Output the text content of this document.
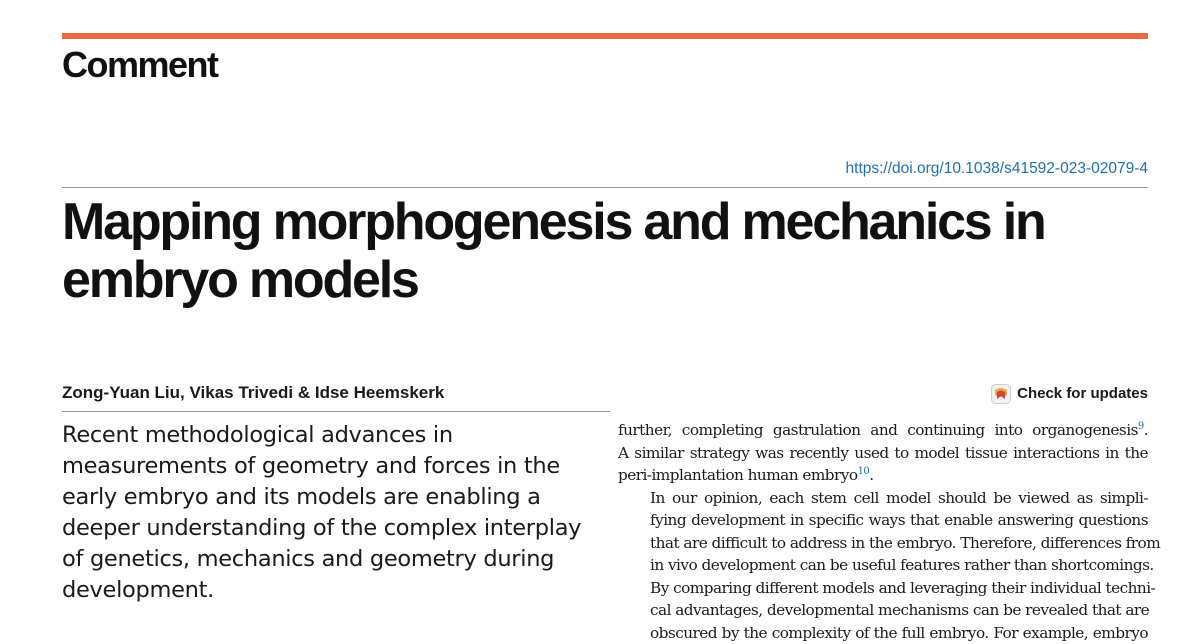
Comment
https://doi.org/10.1038/s41592-023-02079-4
Mapping morphogenesis and mechanics in embryo models
Zong-Yuan Liu, Vikas Trivedi & Idse Heemskerk	Check for updates

Recent methodological advances in measurements of geometry and forces in the early embryo and its models are enabling a deeper understanding of the complex interplay of genetics, mechanics and geometry during development.

further, completing gastrulation and continuing into organogenesis$^9$.
A similar strategy was recently used to model tissue interactions in the
peri-implantation human embryo$^{10}$.

In our opinion, each stem cell model should be viewed as simpli-
fying development in specific ways that enable answering questions
that are difficult to address in the embryo. Therefore, differences from
in vivo development can be useful features rather than shortcomings.
By comparing different models and leveraging their individual techni-
cal advantages, developmental mechanisms can be revealed that are
obscured by the complexity of the full embryo. For example, embryo
